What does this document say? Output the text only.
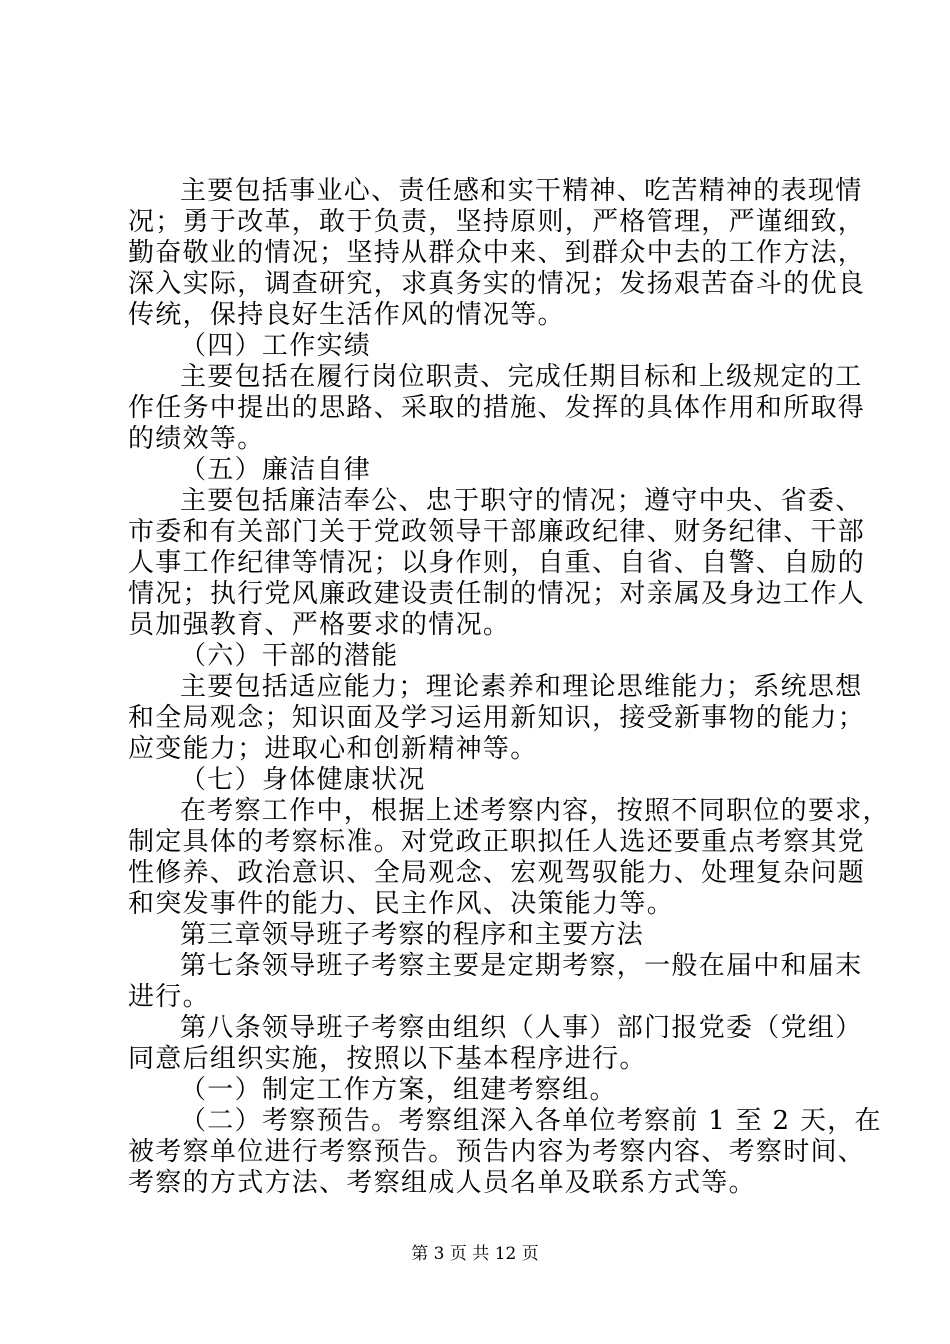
主要包括事业心、责任感和实干精神、吃苦精神的表现情
况；勇于改革，敢于负责，坚持原则，严格管理，严谨细致，
勤奋敬业的情况；坚持从群众中来、到群众中去的工作方法，
深入实际，调查研究，求真务实的情况；发扬艰苦奋斗的优良
传统，保持良好生活作风的情况等。
（四）工作实绩
主要包括在履行岗位职责、完成任期目标和上级规定的工
作任务中提出的思路、采取的措施、发挥的具体作用和所取得
的绩效等。
（五）廉洁自律
主要包括廉洁奉公、忠于职守的情况；遵守中央、省委、
市委和有关部门关于党政领导干部廉政纪律、财务纪律、干部
人事工作纪律等情况；以身作则，自重、自省、自警、自励的
情况；执行党风廉政建设责任制的情况；对亲属及身边工作人
员加强教育、严格要求的情况。
（六）干部的潜能
主要包括适应能力；理论素养和理论思维能力；系统思想
和全局观念；知识面及学习运用新知识，接受新事物的能力；
应变能力；进取心和创新精神等。
（七）身体健康状况
在考察工作中，根据上述考察内容，按照不同职位的要求，
制定具体的考察标准。对党政正职拟任人选还要重点考察其党
性修养、政治意识、全局观念、宏观驾驭能力、处理复杂问题
和突发事件的能力、民主作风、决策能力等。
第三章领导班子考察的程序和主要方法
第七条领导班子考察主要是定期考察，一般在届中和届末
进行。
第八条领导班子考察由组织（人事）部门报党委（党组）
同意后组织实施，按照以下基本程序进行。
（一）制定工作方案，组建考察组。
（二）考察预告。考察组深入各单位考察前 1 至 2 天，在
被考察单位进行考察预告。预告内容为考察内容、考察时间、
考察的方式方法、考察组成人员名单及联系方式等。
第 3 页 共 12 页
